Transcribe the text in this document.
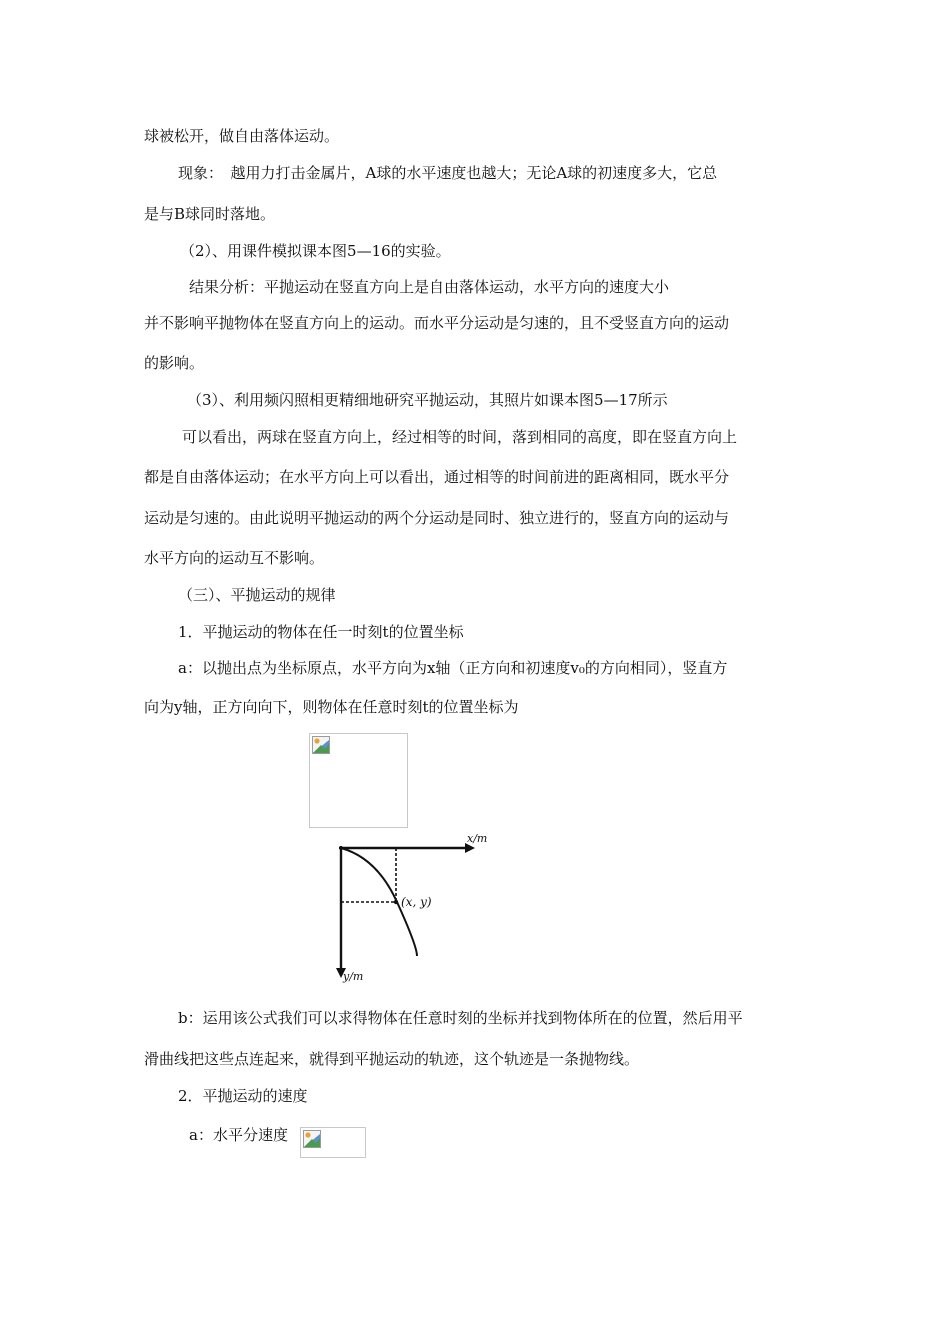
球被松开，做自由落体运动。

现象：　越用力打击金属片，A球的水平速度也越大；无论A球的初速度多大，它总

是与B球同时落地。

（2）、用课件模拟课本图5—16的实验。

结果分析：平抛运动在竖直方向上是自由落体运动，水平方向的速度大小

并不影响平抛物体在竖直方向上的运动。而水平分运动是匀速的，且不受竖直方向的运动

的影响。

（3）、利用频闪照相更精细地研究平抛运动，其照片如课本图5—17所示

可以看出，两球在竖直方向上，经过相等的时间，落到相同的高度，即在竖直方向上

都是自由落体运动；在水平方向上可以看出，通过相等的时间前进的距离相同，既水平分

运动是匀速的。由此说明平抛运动的两个分运动是同时、独立进行的，竖直方向的运动与

水平方向的运动互不影响。

（三）、平抛运动的规律

1．平抛运动的物体在任一时刻t的位置坐标

a：以抛出点为坐标原点，水平方向为x轴（正方向和初速度v₀的方向相同），竖直方

向为y轴，正方向向下，则物体在任意时刻t的位置坐标为

x/m
y/m
(x, y)

b：运用该公式我们可以求得物体在任意时刻的坐标并找到物体所在的位置，然后用平

滑曲线把这些点连起来，就得到平抛运动的轨迹，这个轨迹是一条抛物线。

2．平抛运动的速度

a：水平分速度
